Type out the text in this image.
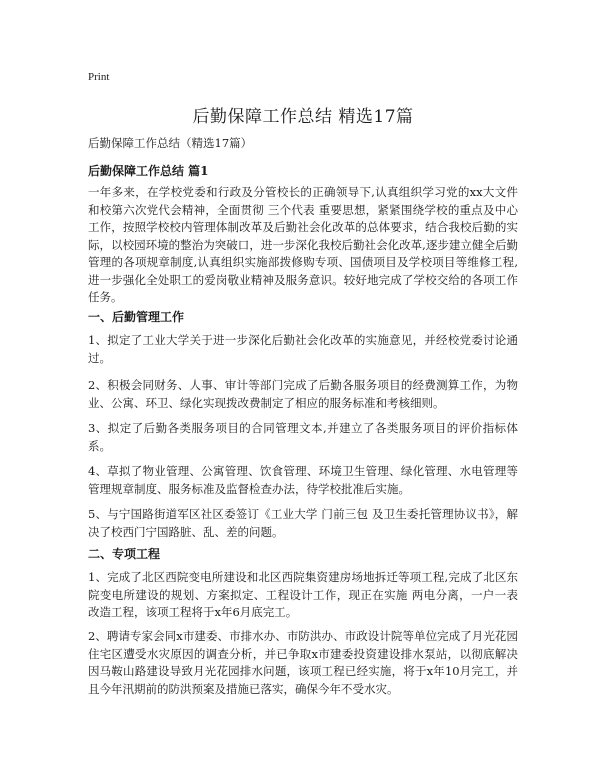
Print
后勤保障工作总结 精选17篇
后勤保障工作总结（精选17篇）
后勤保障工作总结 篇1
一年多来，在学校党委和行政及分管校长的正确领导下,认真组织学习党的xx大文件和校第六次党代会精神，全面贯彻 三个代表 重要思想，紧紧围绕学校的重点及中心工作，按照学校校内管理体制改革及后勤社会化改革的总体要求，结合我校后勤的实际，以校园环境的整治为突破口，进一步深化我校后勤社会化改革,逐步建立健全后勤管理的各项规章制度,认真组织实施部拨修购专项、国债项目及学校项目等维修工程,进一步强化全处职工的爱岗敬业精神及服务意识。较好地完成了学校交给的各项工作任务。
一、后勤管理工作
1、拟定了工业大学关于进一步深化后勤社会化改革的实施意见，并经校党委讨论通过。
2、积极会同财务、人事、审计等部门完成了后勤各服务项目的经费测算工作，为物业、公寓、环卫、绿化实现拨改费制定了相应的服务标准和考核细则。
3、拟定了后勤各类服务项目的合同管理文本,并建立了各类服务项目的评价指标体系。
4、草拟了物业管理、公寓管理、饮食管理、环境卫生管理、绿化管理、水电管理等管理规章制度、服务标准及监督检查办法，待学校批准后实施。
5、与宁国路街道军区社区委签订《工业大学 门前三包 及卫生委托管理协议书》，解决了校西门宁国路脏、乱、差的问题。
二、专项工程
1、完成了北区西院变电所建设和北区西院集资建房场地拆迁等项工程,完成了北区东院变电所建设的规划、方案拟定、工程设计工作，现正在实施 两电分离，一户一表 改造工程，该项工程将于x年6月底完工。
2、聘请专家会同x市建委、市排水办、市防洪办、市政设计院等单位完成了月光花园住宅区遭受水灾原因的调查分析，并已争取x市建委投资建设排水泵站，以彻底解决因马鞍山路建设导致月光花园排水问题，该项工程已经实施，将于x年10月完工，并且今年汛期前的防洪预案及措施已落实，确保今年不受水灾。
